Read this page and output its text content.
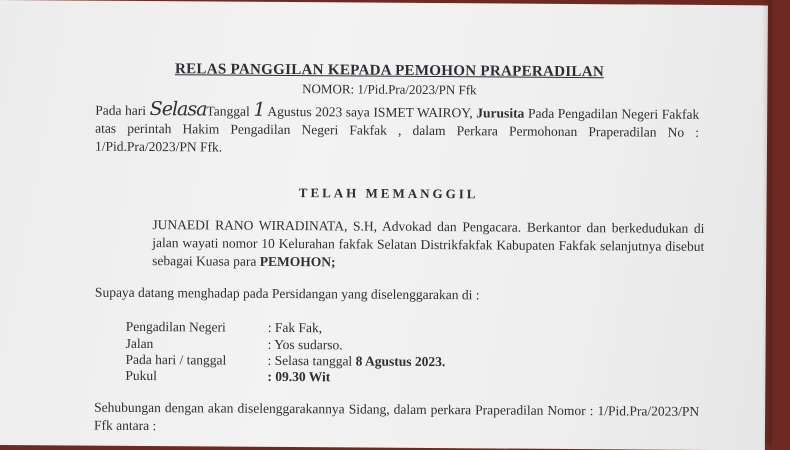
RELAS PANGGILAN KEPADA PEMOHON PRAPERADILAN
NOMOR: 1/Pid.Pra/2023/PN Ffk
Pada hari SelasaTanggal 1 Agustus 2023 saya ISMET WAIROY, Jurusita Pada Pengadilan Negeri Fakfak atas perintah Hakim Pengadilan Negeri Fakfak , dalam Perkara Permohonan Praperadilan No : 1/Pid.Pra/2023/PN Ffk.
TELAH MEMANGGIL
JUNAEDI RANO WIRADINATA, S.H, Advokad dan Pengacara. Berkantor dan berkedudukan di jalan wayati nomor 10 Kelurahan fakfak Selatan Distrikfakfak Kabupaten Fakfak selanjutnya disebut sebagai Kuasa para PEMOHON;
Supaya datang menghadap pada Persidangan yang diselenggarakan di :
Pengadilan Negeri	: Fak Fak,
Jalan	: Yos sudarso.
Pada hari / tanggal	: Selasa tanggal 8 Agustus 2023.
Pukul	: 09.30 Wit
Sehubungan dengan akan diselenggarakannya Sidang, dalam perkara Praperadilan Nomor : 1/Pid.Pra/2023/PN Ffk antara :
